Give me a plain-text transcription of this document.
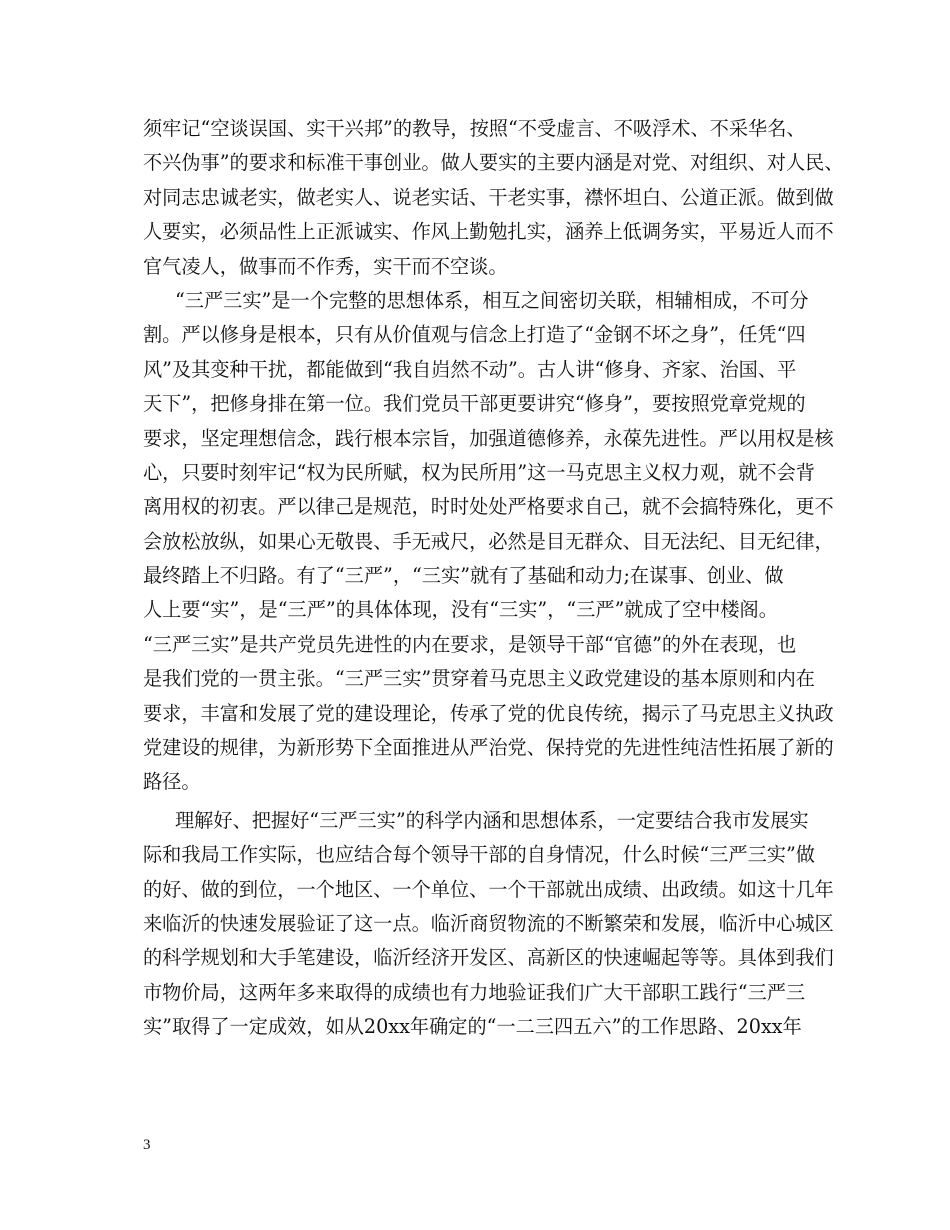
须牢记“空谈误国、实干兴邦”的教导，按照“不受虚言、不吸浮术、不采华名、
不兴伪事”的要求和标准干事创业。做人要实的主要内涵是对党、对组织、对人民、
对同志忠诚老实，做老实人、说老实话、干老实事，襟怀坦白、公道正派。做到做
人要实，必须品性上正派诚实、作风上勤勉扎实，涵养上低调务实，平易近人而不
官气凌人，做事而不作秀，实干而不空谈。
“三严三实”是一个完整的思想体系，相互之间密切关联，相辅相成，不可分
割。严以修身是根本，只有从价值观与信念上打造了“金钢不坏之身”，任凭“四
风”及其变种干扰，都能做到“我自岿然不动”。古人讲“修身、齐家、治国、平
天下”，把修身排在第一位。我们党员干部更要讲究“修身”，要按照党章党规的
要求，坚定理想信念，践行根本宗旨，加强道德修养，永葆先进性。严以用权是核
心，只要时刻牢记“权为民所赋，权为民所用”这一马克思主义权力观，就不会背
离用权的初衷。严以律己是规范，时时处处严格要求自己，就不会搞特殊化，更不
会放松放纵，如果心无敬畏、手无戒尺，必然是目无群众、目无法纪、目无纪律，
最终踏上不归路。有了“三严”，“三实”就有了基础和动力;在谋事、创业、做
人上要“实”，是“三严”的具体体现，没有“三实”，“三严”就成了空中楼阁。
“三严三实”是共产党员先进性的内在要求，是领导干部“官德”的外在表现，也
是我们党的一贯主张。“三严三实”贯穿着马克思主义政党建设的基本原则和内在
要求，丰富和发展了党的建设理论，传承了党的优良传统，揭示了马克思主义执政
党建设的规律，为新形势下全面推进从严治党、保持党的先进性纯洁性拓展了新的
路径。
理解好、把握好“三严三实”的科学内涵和思想体系，一定要结合我市发展实
际和我局工作实际，也应结合每个领导干部的自身情况，什么时候“三严三实”做
的好、做的到位，一个地区、一个单位、一个干部就出成绩、出政绩。如这十几年
来临沂的快速发展验证了这一点。临沂商贸物流的不断繁荣和发展，临沂中心城区
的科学规划和大手笔建设，临沂经济开发区、高新区的快速崛起等等。具体到我们
市物价局，这两年多来取得的成绩也有力地验证我们广大干部职工践行“三严三
实”取得了一定成效，如从20xx年确定的“一二三四五六”的工作思路、20xx年
3
